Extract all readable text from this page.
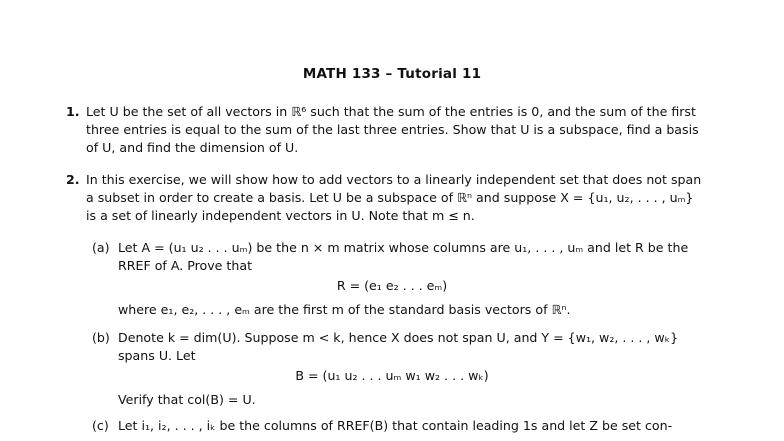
MATH 133 – Tutorial 11
1. Let U be the set of all vectors in ℝ⁶ such that the sum of the entries is 0, and the sum of the first
three entries is equal to the sum of the last three entries. Show that U is a subspace, find a basis
of U, and find the dimension of U.
2. In this exercise, we will show how to add vectors to a linearly independent set that does not span
a subset in order to create a basis. Let U be a subspace of ℝⁿ and suppose X = {u₁, u₂, . . . , uₘ}
is a set of linearly independent vectors in U. Note that m ≤ n.
(a) Let A = (u₁ u₂ . . . uₘ) be the n × m matrix whose columns are u₁, . . . , uₘ and let R be the
RREF of A. Prove that
R = (e₁ e₂ . . . eₘ)
where e₁, e₂, . . . , eₘ are the first m of the standard basis vectors of ℝⁿ.
(b) Denote k = dim(U). Suppose m < k, hence X does not span U, and Y = {w₁, w₂, . . . , wₖ}
spans U. Let
B = (u₁ u₂ . . . uₘ w₁ w₂ . . . wₖ)
Verify that col(B) = U.
(c) Let i₁, i₂, . . . , iₖ be the columns of RREF(B) that contain leading 1s and let Z be set con-
